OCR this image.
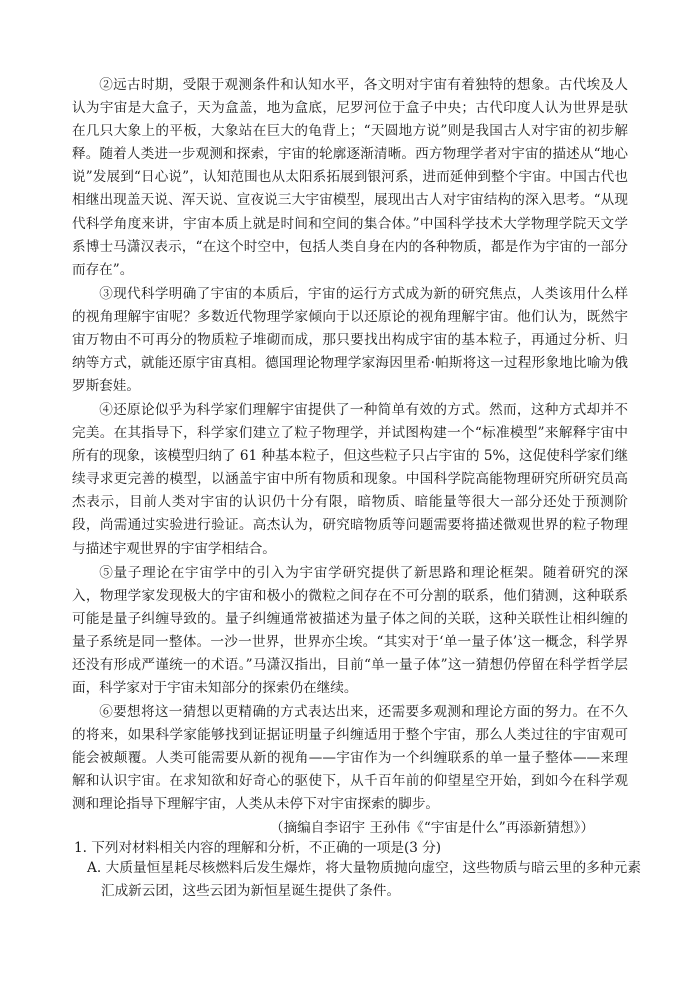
②远古时期，受限于观测条件和认知水平，各文明对宇宙有着独特的想象。古代埃及人认为宇宙是大盒子，天为盒盖，地为盒底，尼罗河位于盒子中央；古代印度人认为世界是驮在几只大象上的平板，大象站在巨大的龟背上；“天圆地方说”则是我国古人对宇宙的初步解释。随着人类进一步观测和探索，宇宙的轮廓逐渐清晰。西方物理学者对宇宙的描述从“地心说”发展到“日心说”，认知范围也从太阳系拓展到银河系，进而延伸到整个宇宙。中国古代也相继出现盖天说、浑天说、宣夜说三大宇宙模型，展现出古人对宇宙结构的深入思考。“从现代科学角度来讲，宇宙本质上就是时间和空间的集合体。”中国科学技术大学物理学院天文学系博士马潇汉表示，“在这个时空中，包括人类自身在内的各种物质，都是作为宇宙的一部分而存在”。

③现代科学明确了宇宙的本质后，宇宙的运行方式成为新的研究焦点，人类该用什么样的视角理解宇宙呢？多数近代物理学家倾向于以还原论的视角理解宇宙。他们认为，既然宇宙万物由不可再分的物质粒子堆砌而成，那只要找出构成宇宙的基本粒子，再通过分析、归纳等方式，就能还原宇宙真相。德国理论物理学家海因里希·帕斯将这一过程形象地比喻为俄罗斯套娃。

④还原论似乎为科学家们理解宇宙提供了一种简单有效的方式。然而，这种方式却并不完美。在其指导下，科学家们建立了粒子物理学，并试图构建一个“标准模型”来解释宇宙中所有的现象，该模型归纳了 61 种基本粒子，但这些粒子只占宇宙的 5%，这促使科学家们继续寻求更完善的模型，以涵盖宇宙中所有物质和现象。中国科学院高能物理研究所研究员高杰表示，目前人类对宇宙的认识仍十分有限，暗物质、暗能量等很大一部分还处于预测阶段，尚需通过实验进行验证。高杰认为，研究暗物质等问题需要将描述微观世界的粒子物理与描述宇观世界的宇宙学相结合。

⑤量子理论在宇宙学中的引入为宇宙学研究提供了新思路和理论框架。随着研究的深入，物理学家发现极大的宇宙和极小的微粒之间存在不可分割的联系，他们猜测，这种联系可能是量子纠缠导致的。量子纠缠通常被描述为量子体之间的关联，这种关联性让相纠缠的量子系统是同一整体。一沙一世界，世界亦尘埃。“其实对于‘单一量子体’这一概念，科学界还没有形成严谨统一的术语。”马潇汉指出，目前“单一量子体”这一猜想仍停留在科学哲学层面，科学家对于宇宙未知部分的探索仍在继续。

⑥要想将这一猜想以更精确的方式表达出来，还需要多观测和理论方面的努力。在不久的将来，如果科学家能够找到证据证明量子纠缠适用于整个宇宙，那么人类过往的宇宙观可能会被颠覆。人类可能需要从新的视角——宇宙作为一个纠缠联系的单一量子整体——来理解和认识宇宙。在求知欲和好奇心的驱使下，从千百年前的仰望星空开始，到如今在科学观测和理论指导下理解宇宙，人类从未停下对宇宙探索的脚步。

（摘编自李诏宇 王孙伟《“宇宙是什么”再添新猜想》）

1. 下列对材料相关内容的理解和分析，不正确的一项是(3 分)

A. 大质量恒星耗尽核燃料后发生爆炸，将大量物质抛向虚空，这些物质与暗云里的多种元素汇成新云团，这些云团为新恒星诞生提供了条件。
